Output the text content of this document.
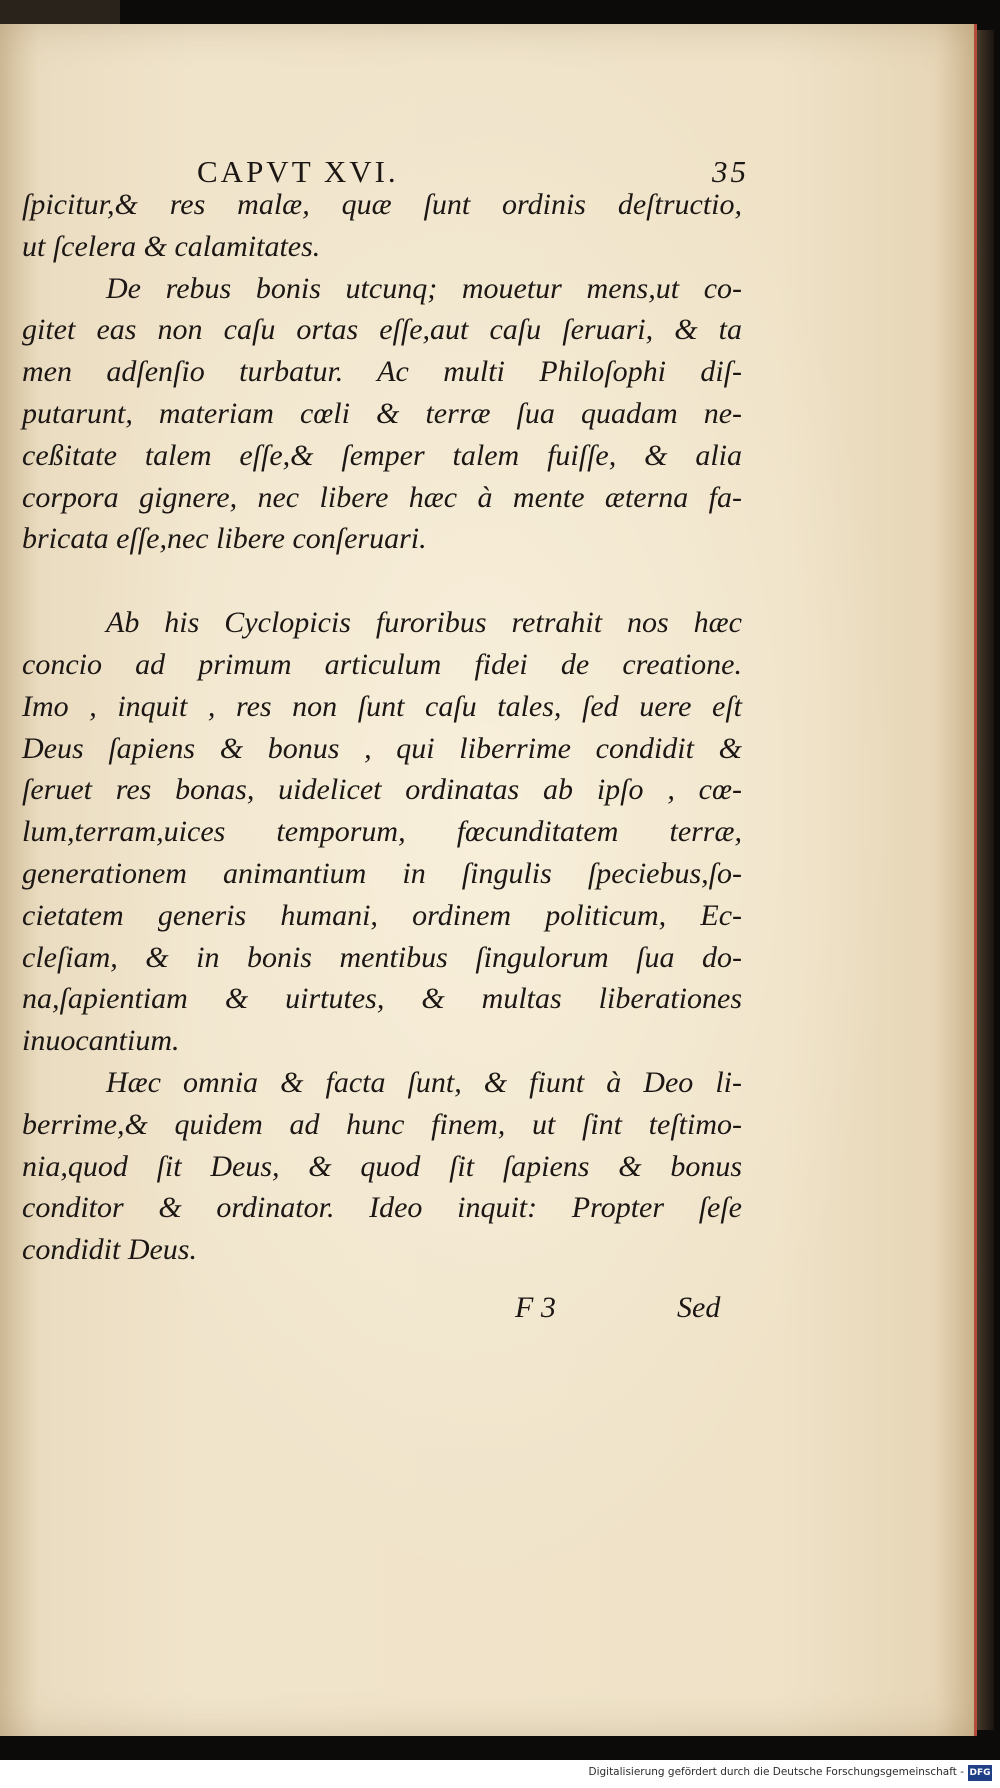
CAPVT XVI.	35
ſpicitur,& res malæ, quæ ſunt ordinis deſtructio,
ut ſcelera & calamitates.
De rebus bonis utcunq; mouetur mens,ut co-
gitet eas non caſu ortas eſſe,aut caſu ſeruari, & ta
men adſenſio turbatur. Ac multi Philoſophi diſ-
putarunt, materiam cœli & terræ ſua quadam ne-
ceßitate talem eſſe,& ſemper talem fuiſſe, & alia
corpora gignere, nec libere hæc à mente æterna fa-
bricata eſſe,nec libere conſeruari.
Ab his Cyclopicis furoribus retrahit nos hæc
concio ad primum articulum fidei de creatione.
Imo , inquit , res non ſunt caſu tales, ſed uere eſt
Deus ſapiens & bonus , qui liberrime condidit &
ſeruet res bonas, uidelicet ordinatas ab ipſo , cœ-
lum,terram,uices temporum, fœcunditatem terræ,
generationem animantium in ſingulis ſpeciebus,ſo-
cietatem generis humani, ordinem politicum, Ec-
cleſiam, & in bonis mentibus ſingulorum ſua do-
na,ſapientiam & uirtutes, & multas liberationes
inuocantium.
Hæc omnia & facta ſunt, & fiunt à Deo li-
berrime,& quidem ad hunc finem, ut ſint teſtimo-
nia,quod ſit Deus, & quod ſit ſapiens & bonus
conditor & ordinator. Ideo inquit: Propter ſeſe
condidit Deus.
F 3	Sed
Digitalisierung gefördert durch die Deutsche Forschungsgemeinschaft - DFG
